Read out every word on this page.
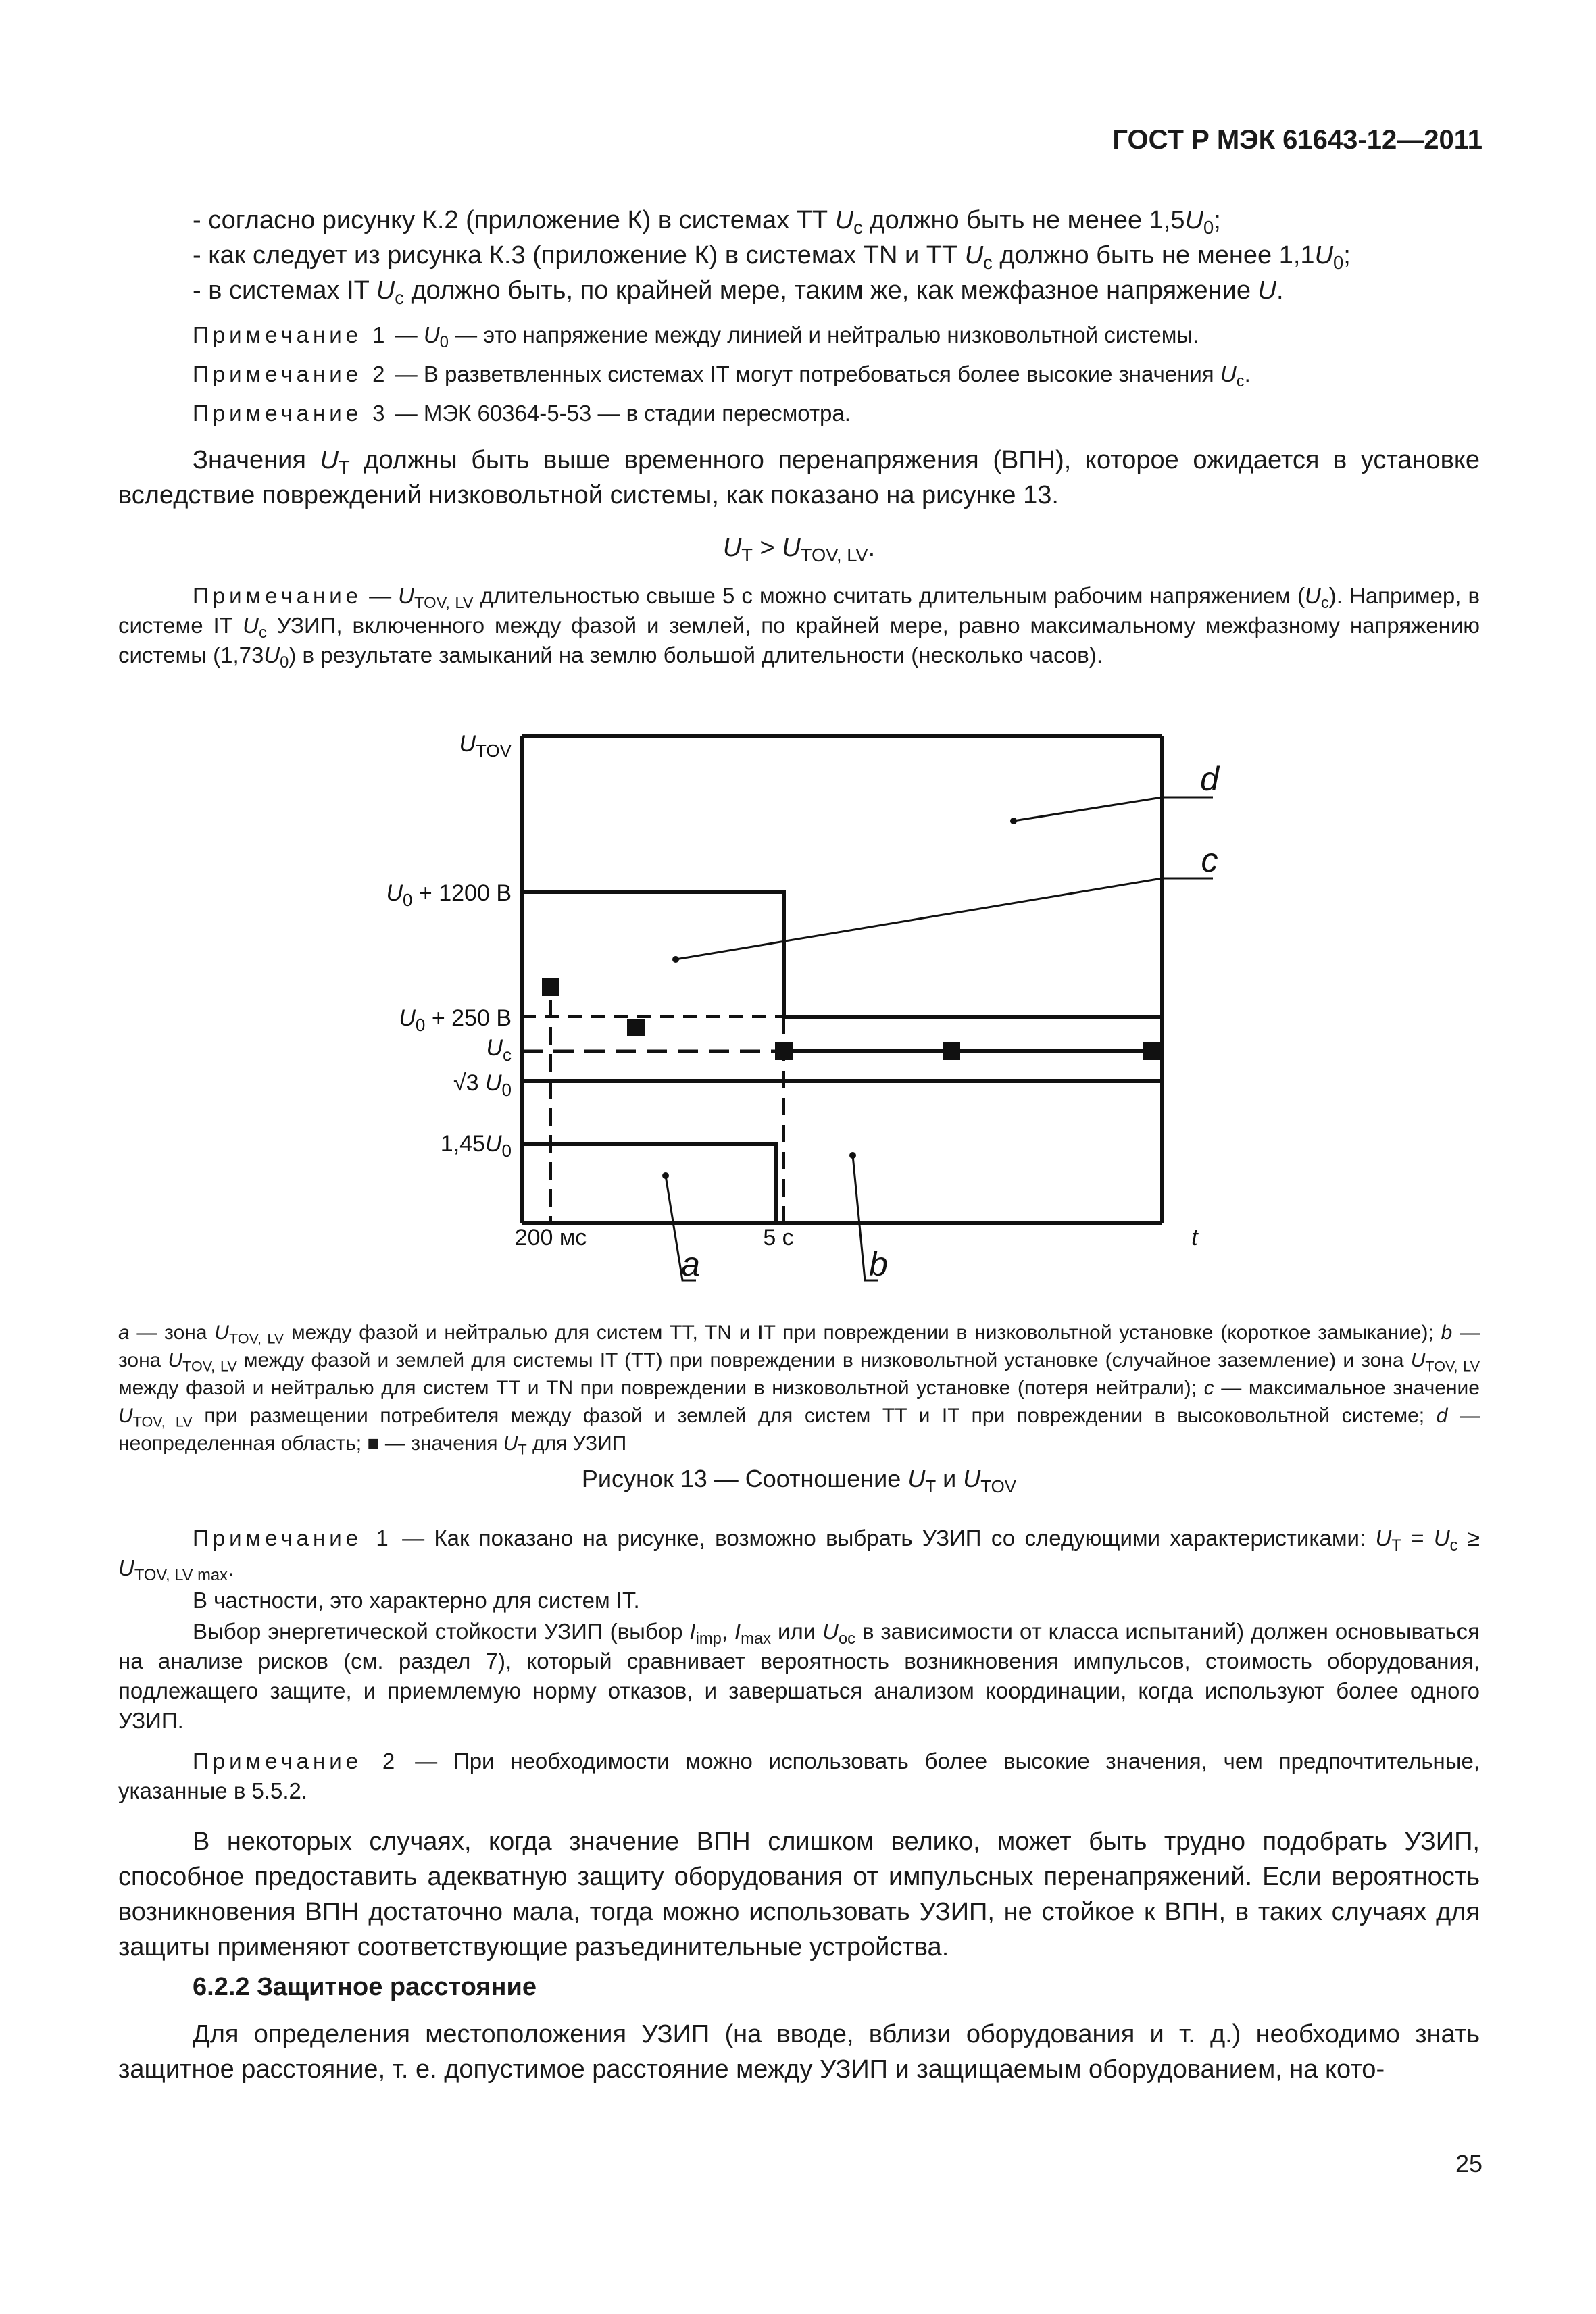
ГОСТ Р МЭК 61643-12—2011
- согласно рисунку К.2 (приложение К) в системах ТТ $U_c$ должно быть не менее $1,5U_0$;
- как следует из рисунка К.3 (приложение К) в системах TN и ТТ $U_c$ должно быть не менее $1,1U_0$;
- в системах IT $U_c$ должно быть, по крайней мере, таким же, как межфазное напряжение U.
Примечание 1 — $U_0$ — это напряжение между линией и нейтралью низковольтной системы.
Примечание 2 — В разветвленных системах IT могут потребоваться более высокие значения $U_c$.
Примечание 3 — МЭК 60364-5-53 — в стадии пересмотра.
Значения $U_T$ должны быть выше временного перенапряжения (ВПН), которое ожидается в установке вследствие повреждений низковольтной системы, как показано на рисунке 13.
$U_T > U_{TOV, LV}$.
Примечание — $U_{TOV, LV}$ длительностью свыше 5 с можно считать длительным рабочим напряжением $(U_c)$. Например, в системе IT $U_c$ УЗИП, включенного между фазой и землей, по крайней мере, равно максимальному межфазному напряжению системы $(1,73U_0)$ в результате замыканий на землю большой длительности (несколько часов).
$U_{TOV}$
$U_0 + 1200$ В
$U_0 + 250$ В
$U_c$
√3 $U_0$
$1,45U_0$
200 мс	5 с	t
d
c
a	b
a — зона $U_{TOV, LV}$ между фазой и нейтралью для систем TT, TN и IT при повреждении в низковольтной установке (короткое замыкание); b — зона $U_{TOV, LV}$ между фазой и землей для системы IT (TT) при повреждении в низковольтной установке (случайное заземление) и зона $U_{TOV, LV}$ между фазой и нейтралью для систем TT и TN при повреждении в низковольтной установке (потеря нейтрали); c — максимальное значение $U_{TOV, LV}$ при размещении потребителя между фазой и землей для систем TT и IT при повреждении в высоковольтной системе; d — неопределенная область; ■ — значения $U_T$ для УЗИП
Рисунок 13 — Соотношение $U_T$ и $U_{TOV}$
Примечание 1 — Как показано на рисунке, возможно выбрать УЗИП со следующими характеристиками: $U_T = U_c \ge U_{TOV, LV max}$.
В частности, это характерно для систем IT.
Выбор энергетической стойкости УЗИП (выбор $I_{imp}$, $I_{max}$ или $U_{oc}$ в зависимости от класса испытаний) должен основываться на анализе рисков (см. раздел 7), который сравнивает вероятность возникновения импульсов, стоимость оборудования, подлежащего защите, и приемлемую норму отказов, и завершаться анализом координации, когда используют более одного УЗИП.
Примечание 2 — При необходимости можно использовать более высокие значения, чем предпочтительные, указанные в 5.5.2.
В некоторых случаях, когда значение ВПН слишком велико, может быть трудно подобрать УЗИП, способное предоставить адекватную защиту оборудования от импульсных перенапряжений. Если вероятность возникновения ВПН достаточно мала, тогда можно использовать УЗИП, не стойкое к ВПН, в таких случаях для защиты применяют соответствующие разъединительные устройства.
6.2.2 Защитное расстояние
Для определения местоположения УЗИП (на вводе, вблизи оборудования и т. д.) необходимо знать защитное расстояние, т. е. допустимое расстояние между УЗИП и защищаемым оборудованием, на кото-
25
